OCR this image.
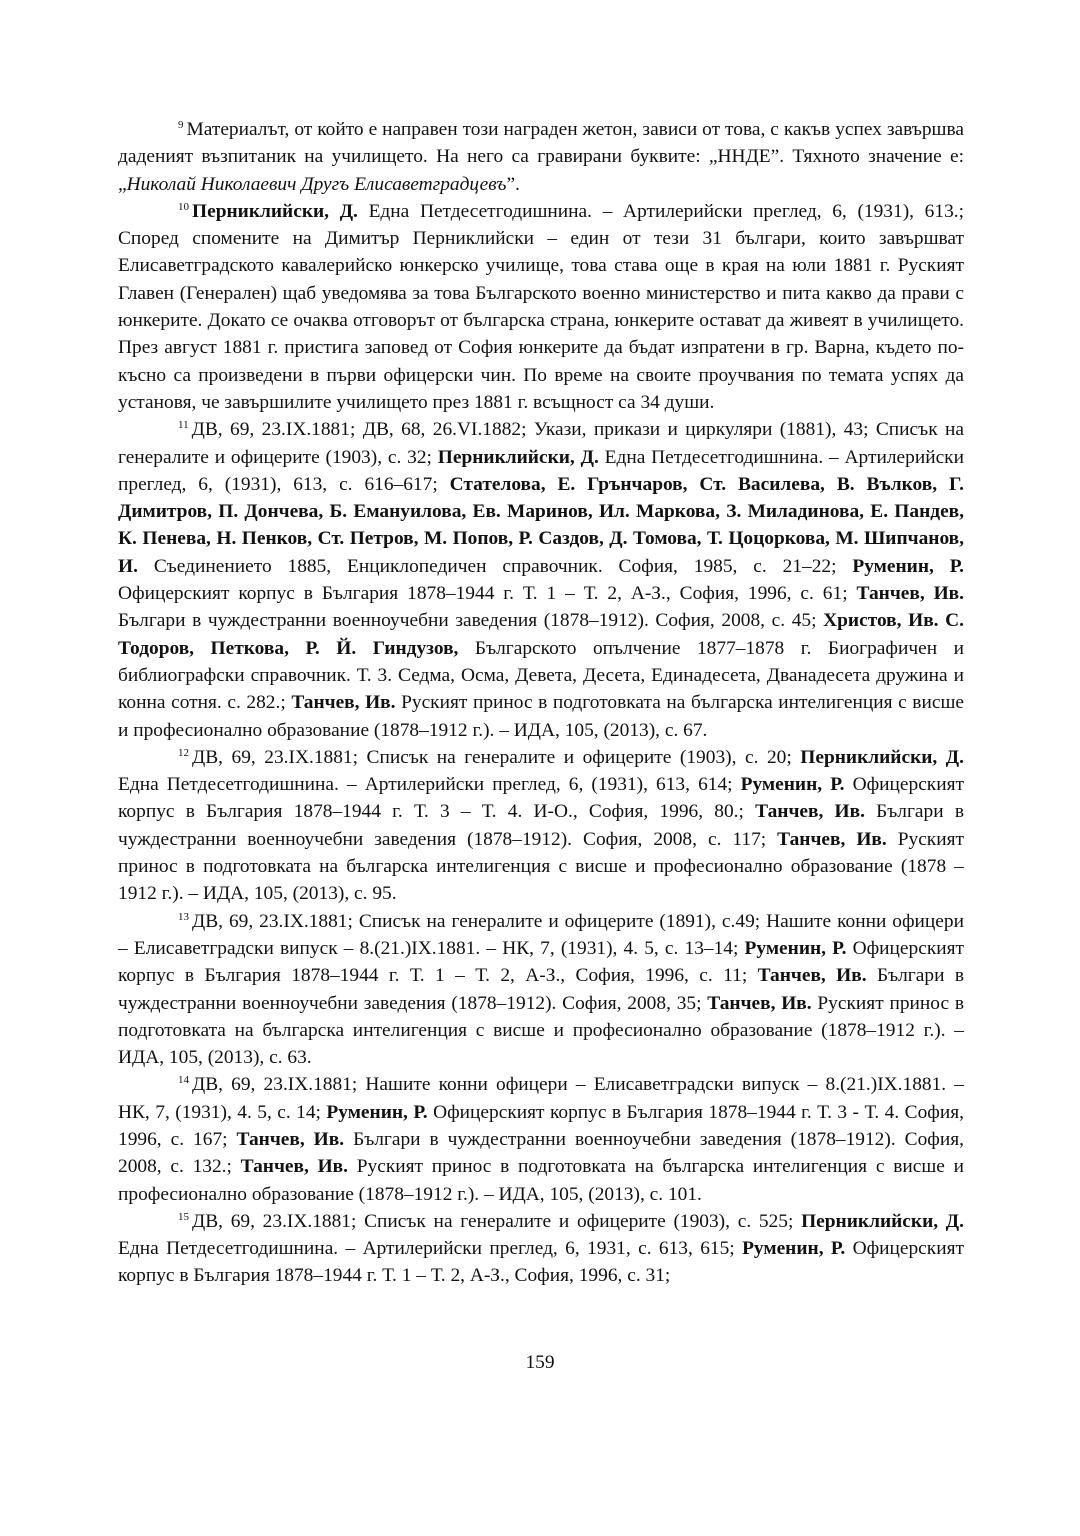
$^9$ Материалът, от който е направен този награден жетон, зависи от това, с какъв успех завършва даденият възпитаник на училището. На него са гравирани буквите: „ННДЕ”. Тяхното значение е: „Николай Николаевич Другъ Елисаветградцевъ”.

$^{10}$ Перниклийски, Д. Една Петдесетгодишнина. – Артилерийски преглед, 6, (1931), 613.; Според спомените на Димитър Перниклийски – един от тези 31 българи, които завършват Елисаветградското кавалерийско юнкерско училище, това става още в края на юли 1881 г. Руският Главен (Генерален) щаб уведомява за това Българското военно министерство и пита какво да прави с юнкерите. Докато се очаква отговорът от българска страна, юнкерите остават да живеят в училището. През август 1881 г. пристига заповед от София юнкерите да бъдат изпратени в гр. Варна, където по-късно са произведени в първи офицерски чин. По време на своите проучвания по темата успях да установя, че завършилите училището през 1881 г. всъщност са 34 души.

$^{11}$ ДВ, 69, 23.IX.1881; ДВ, 68, 26.VI.1882; Укази, прикази и циркуляри (1881), 43; Списък на генералите и офицерите (1903), с. 32; Перниклийски, Д. Една Петдесетгодишнина. – Артилерийски преглед, 6, (1931), 613, с. 616–617; Стателова, Е. Грънчаров, Ст. Василева, В. Вълков, Г. Димитров, П. Дончева, Б. Емануилова, Ев. Маринов, Ил. Маркова, З. Миладинова, Е. Пандев, К. Пенева, Н. Пенков, Ст. Петров, М. Попов, Р. Саздов, Д. Томова, Т. Цоцоркова, М. Шипчанов, И. Съединението 1885, Енциклопедичен справочник. София, 1985, с. 21–22; Руменин, Р. Офицерският корпус в България 1878–1944 г. Т. 1 – Т. 2, А-З., София, 1996, с. 61; Танчев, Ив. Българи в чуждестранни военноучебни заведения (1878–1912). София, 2008, с. 45; Христов, Ив. С. Тодоров, Петкова, Р. Й. Гиндузов, Българското опълчение 1877–1878 г. Биографичен и библиографски справочник. Т. 3. Седма, Осма, Девета, Десета, Единадесета, Дванадесета дружина и конна сотня. с. 282.; Танчев, Ив. Руският принос в подготовката на българска интелигенция с висше и професионално образование (1878–1912 г.). – ИДА, 105, (2013), с. 67.

$^{12}$ ДВ, 69, 23.IX.1881; Списък на генералите и офицерите (1903), с. 20; Перниклийски, Д. Една Петдесетгодишнина. – Артилерийски преглед, 6, (1931), 613, 614; Руменин, Р. Офицерският корпус в България 1878–1944 г. Т. 3 – Т. 4. И-О., София, 1996, 80.; Танчев, Ив. Българи в чуждестранни военноучебни заведения (1878–1912). София, 2008, с. 117; Танчев, Ив. Руският принос в подготовката на българска интелигенция с висше и професионално образование (1878 – 1912 г.). – ИДА, 105, (2013), с. 95.

$^{13}$ ДВ, 69, 23.IX.1881; Списък на генералите и офицерите (1891), с.49; Нашите конни офицери – Елисаветградски випуск – 8.(21.)IX.1881. – НК, 7, (1931), 4. 5, с. 13–14; Руменин, Р. Офицерският корпус в България 1878–1944 г. Т. 1 – Т. 2, А-З., София, 1996, с. 11; Танчев, Ив. Българи в чуждестранни военноучебни заведения (1878–1912). София, 2008, 35; Танчев, Ив. Руският принос в подготовката на българска интелигенция с висше и професионално образование (1878–1912 г.). – ИДА, 105, (2013), с. 63.

$^{14}$ ДВ, 69, 23.IX.1881; Нашите конни офицери – Елисаветградски випуск – 8.(21.)IX.1881. – НК, 7, (1931), 4. 5, с. 14; Руменин, Р. Офицерският корпус в България 1878–1944 г. Т. 3 - Т. 4. София, 1996, с. 167; Танчев, Ив. Българи в чуждестранни военноучебни заведения (1878–1912). София, 2008, с. 132.; Танчев, Ив. Руският принос в подготовката на българска интелигенция с висше и професионално образование (1878–1912 г.). – ИДА, 105, (2013), с. 101.

$^{15}$ ДВ, 69, 23.IX.1881; Списък на генералите и офицерите (1903), с. 525; Перниклийски, Д. Една Петдесетгодишнина. – Артилерийски преглед, 6, 1931, с. 613, 615; Руменин, Р. Офицерският корпус в България 1878–1944 г. Т. 1 – Т. 2, А-З., София, 1996, с. 31;

159
